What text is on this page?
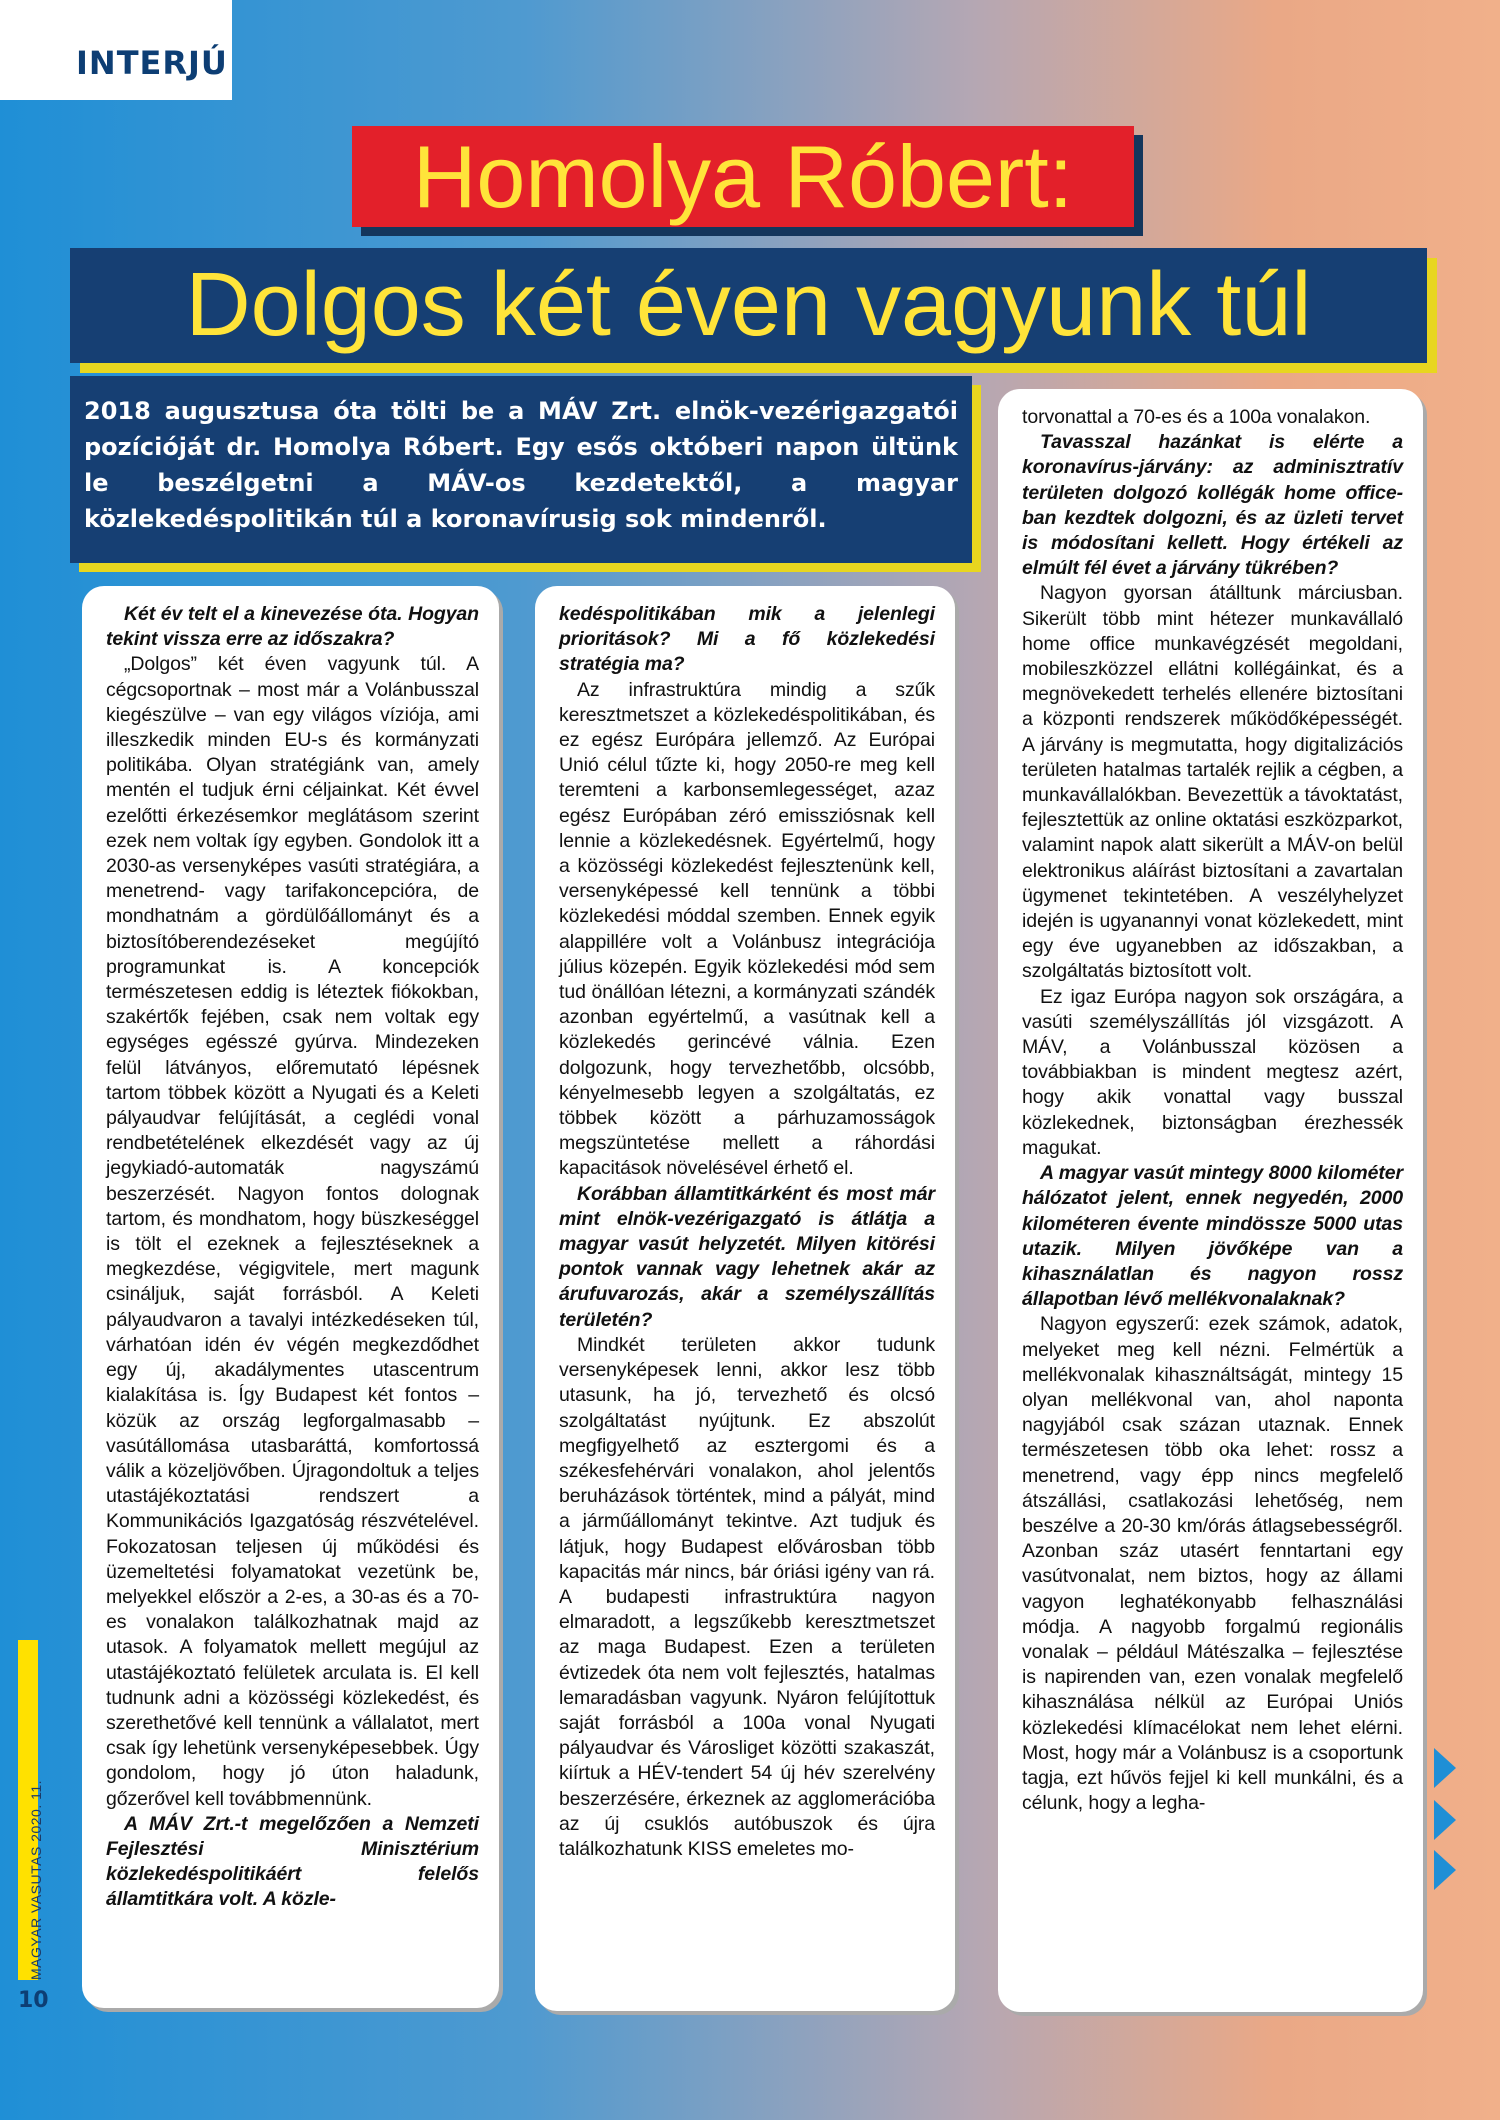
INTERJÚ
Homolya Róbert:
Dolgos két éven vagyunk túl
2018 augusztusa óta tölti be a MÁV Zrt. elnök-vezérigazgatói pozícióját dr. Homolya Róbert. Egy esős októberi napon ültünk le beszélgetni a MÁV-os kezdetektől, a magyar közlekedéspolitikán túl a koronavírusig sok mindenről.

Két év telt el a kinevezése óta. Hogyan tekint vissza erre az időszakra?

„Dolgos” két éven vagyunk túl. A cégcsoportnak – most már a Volánbusszal kiegészülve – van egy világos víziója, ami illeszkedik minden EU-s és kormányzati politikába. Olyan stratégiánk van, amely mentén el tudjuk érni céljainkat. Két évvel ezelőtti érkezésemkor meglátásom szerint ezek nem voltak így egyben. Gondolok itt a 2030-as versenyképes vasúti stratégiára, a menetrend- vagy tarifakoncepcióra, de mondhatnám a gördülőállományt és a biztosítóberendezéseket megújító programunkat is. A koncepciók természetesen eddig is léteztek fiókokban, szakértők fejében, csak nem voltak egy egységes egésszé gyúrva. Mindezeken felül látványos, előremutató lépésnek tartom többek között a Nyugati és a Keleti pályaudvar felújítását, a ceglédi vonal rendbetételének elkezdését vagy az új jegykiadó-automaták nagyszámú beszerzését. Nagyon fontos dolognak tartom, és mondhatom, hogy büszkeséggel is tölt el ezeknek a fejlesztéseknek a megkezdése, végigvitele, mert magunk csináljuk, saját forrásból. A Keleti pályaudvaron a tavalyi intézkedéseken túl, várhatóan idén év végén megkezdődhet egy új, akadálymentes utascentrum kialakítása is. Így Budapest két fontos – közük az ország legforgalmasabb – vasútállomása utasbaráttá, komfortossá válik a közeljövőben. Újragondoltuk a teljes utastájékoztatási rendszert a Kommunikációs Igazgatóság részvételével. Fokozatosan teljesen új működési és üzemeltetési folyamatokat vezetünk be, melyekkel először a 2-es, a 30-as és a 70-es vonalakon találkozhatnak majd az utasok. A folyamatok mellett megújul az utastájékoztató felületek arculata is. El kell tudnunk adni a közösségi közlekedést, és szerethetővé kell tennünk a vállalatot, mert csak így lehetünk versenyképesebbek. Úgy gondolom, hogy jó úton haladunk, gőzerővel kell továbbmennünk.

A MÁV Zrt.-t megelőzően a Nemzeti Fejlesztési Minisztérium közlekedéspolitikáért felelős államtitkára volt. A közle-

kedéspolitikában mik a jelenlegi prioritások? Mi a fő közlekedési stratégia ma?

Az infrastruktúra mindig a szűk keresztmetszet a közlekedéspolitikában, és ez egész Európára jellemző. Az Európai Unió célul tűzte ki, hogy 2050-re meg kell teremteni a karbonsemlegességet, azaz egész Európában zéró emissziósnak kell lennie a közlekedésnek. Egyértelmű, hogy a közösségi közlekedést fejlesztenünk kell, versenyképessé kell tennünk a többi közlekedési móddal szemben. Ennek egyik alappillére volt a Volánbusz integrációja július közepén. Egyik közlekedési mód sem tud önállóan létezni, a kormányzati szándék azonban egyértelmű, a vasútnak kell a közlekedés gerincévé válnia. Ezen dolgozunk, hogy tervezhetőbb, olcsóbb, kényelmesebb legyen a szolgáltatás, ez többek között a párhuzamosságok megszüntetése mellett a ráhordási kapacitások növelésével érhető el.

Korábban államtitkárként és most már mint elnök-vezérigazgató is átlátja a magyar vasút helyzetét. Milyen kitörési pontok vannak vagy lehetnek akár az árufuvarozás, akár a személyszállítás területén?

Mindkét területen akkor tudunk versenyképesek lenni, akkor lesz több utasunk, ha jó, tervezhető és olcsó szolgáltatást nyújtunk. Ez abszolút megfigyelhető az esztergomi és a székesfehérvári vonalakon, ahol jelentős beruházások történtek, mind a pályát, mind a járműállományt tekintve. Azt tudjuk és látjuk, hogy Budapest elővárosban több kapacitás már nincs, bár óriási igény van rá. A budapesti infrastruktúra nagyon elmaradott, a legszűkebb keresztmetszet az maga Budapest. Ezen a területen évtizedek óta nem volt fejlesztés, hatalmas lemaradásban vagyunk. Nyáron felújítottuk saját forrásból a 100a vonal Nyugati pályaudvar és Városliget közötti szakaszát, kiírtuk a HÉV-tendert 54 új hév szerelvény beszerzésére, érkeznek az agglomerációba az új csuklós autóbuszok és újra találkozhatunk KISS emeletes mo-

torvonattal a 70-es és a 100a vonalakon.

Tavasszal hazánkat is elérte a koronavírus-járvány: az adminisztratív területen dolgozó kollégák home office-ban kezdtek dolgozni, és az üzleti tervet is módosítani kellett. Hogy értékeli az elmúlt fél évet a járvány tükrében?

Nagyon gyorsan átálltunk márciusban. Sikerült több mint hétezer munkavállaló home office munkavégzését megoldani, mobileszközzel ellátni kollégáinkat, és a megnövekedett terhelés ellenére biztosítani a központi rendszerek működőképességét. A járvány is megmutatta, hogy digitalizációs területen hatalmas tartalék rejlik a cégben, a munkavállalókban. Bevezettük a távoktatást, fejlesztettük az online oktatási eszközparkot, valamint napok alatt sikerült a MÁV-on belül elektronikus aláírást biztosítani a zavartalan ügymenet tekintetében. A veszélyhelyzet idején is ugyanannyi vonat közlekedett, mint egy éve ugyanebben az időszakban, a szolgáltatás biztosított volt.

Ez igaz Európa nagyon sok országára, a vasúti személyszállítás jól vizsgázott. A MÁV, a Volánbusszal közösen a továbbiakban is mindent megtesz azért, hogy akik vonattal vagy busszal közlekednek, biztonságban érezhessék magukat.

A magyar vasút mintegy 8000 kilométer hálózatot jelent, ennek negyedén, 2000 kilométeren évente mindössze 5000 utas utazik. Milyen jövőképe van a kihasználatlan és nagyon rossz állapotban lévő mellékvonalaknak?

Nagyon egyszerű: ezek számok, adatok, melyeket meg kell nézni. Felmértük a mellékvonalak kihasználtságát, mintegy 15 olyan mellékvonal van, ahol naponta nagyjából csak százan utaznak. Ennek természetesen több oka lehet: rossz a menetrend, vagy épp nincs megfelelő átszállási, csatlakozási lehetőség, nem beszélve a 20-30 km/órás átlagsebességről. Azonban száz utasért fenntartani egy vasútvonalat, nem biztos, hogy az állami vagyon leghatékonyabb felhasználási módja. A nagyobb forgalmú regionális vonalak – például Mátészalka – fejlesztése is napirenden van, ezen vonalak megfelelő kihasználása nélkül az Európai Uniós közlekedési klímacélokat nem lehet elérni. Most, hogy már a Volánbusz is a csoportunk tagja, ezt hűvös fejjel ki kell munkálni, és a célunk, hogy a legha-

MAGYAR VASUTAS 2020. 11.
10
